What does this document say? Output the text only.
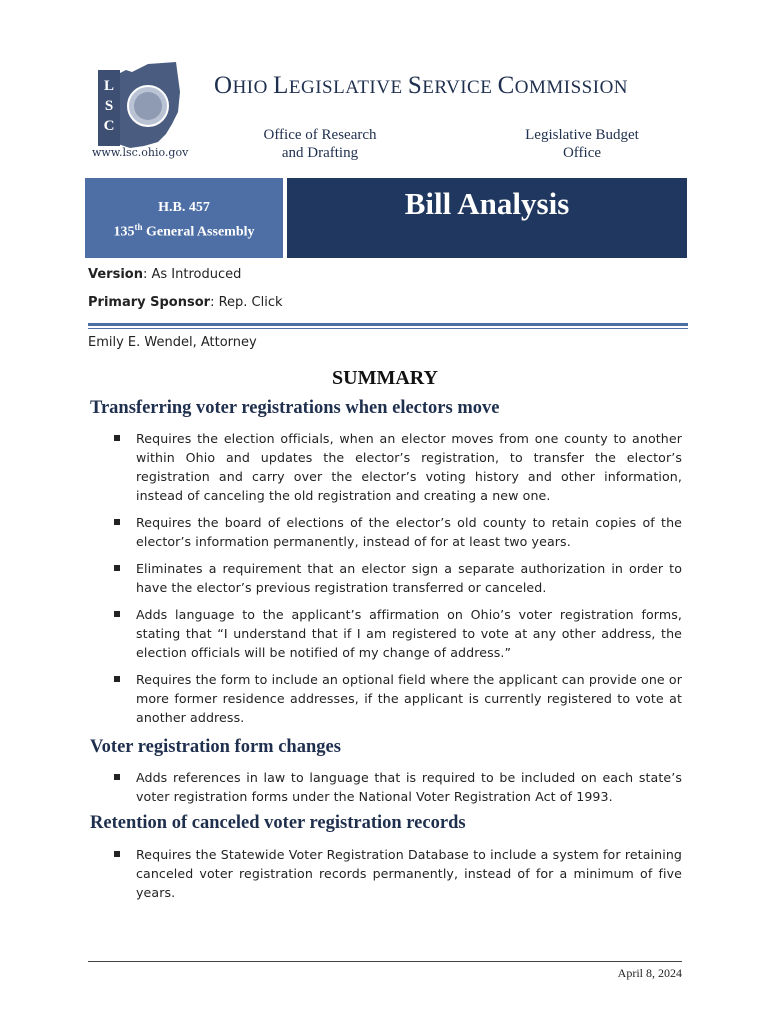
L
S
C
www.lsc.ohio.gov
OHIO LEGISLATIVE SERVICE COMMISSION
Office of Research
and Drafting
Legislative Budget
Office
H.B. 457
135th General Assembly
Bill Analysis
Version: As Introduced
Primary Sponsor: Rep. Click
Emily E. Wendel, Attorney
SUMMARY
Transferring voter registrations when electors move
Requires the election officials, when an elector moves from one county to another within Ohio and updates the elector’s registration, to transfer the elector’s registration and carry over the elector’s voting history and other information, instead of canceling the old registration and creating a new one.
Requires the board of elections of the elector’s old county to retain copies of the elector’s information permanently, instead of for at least two years.
Eliminates a requirement that an elector sign a separate authorization in order to have the elector’s previous registration transferred or canceled.
Adds language to the applicant’s affirmation on Ohio’s voter registration forms, stating that “I understand that if I am registered to vote at any other address, the election officials will be notified of my change of address.”
Requires the form to include an optional field where the applicant can provide one or more former residence addresses, if the applicant is currently registered to vote at another address.
Voter registration form changes
Adds references in law to language that is required to be included on each state’s voter registration forms under the National Voter Registration Act of 1993.
Retention of canceled voter registration records
Requires the Statewide Voter Registration Database to include a system for retaining canceled voter registration records permanently, instead of for a minimum of five years.
April 8, 2024
